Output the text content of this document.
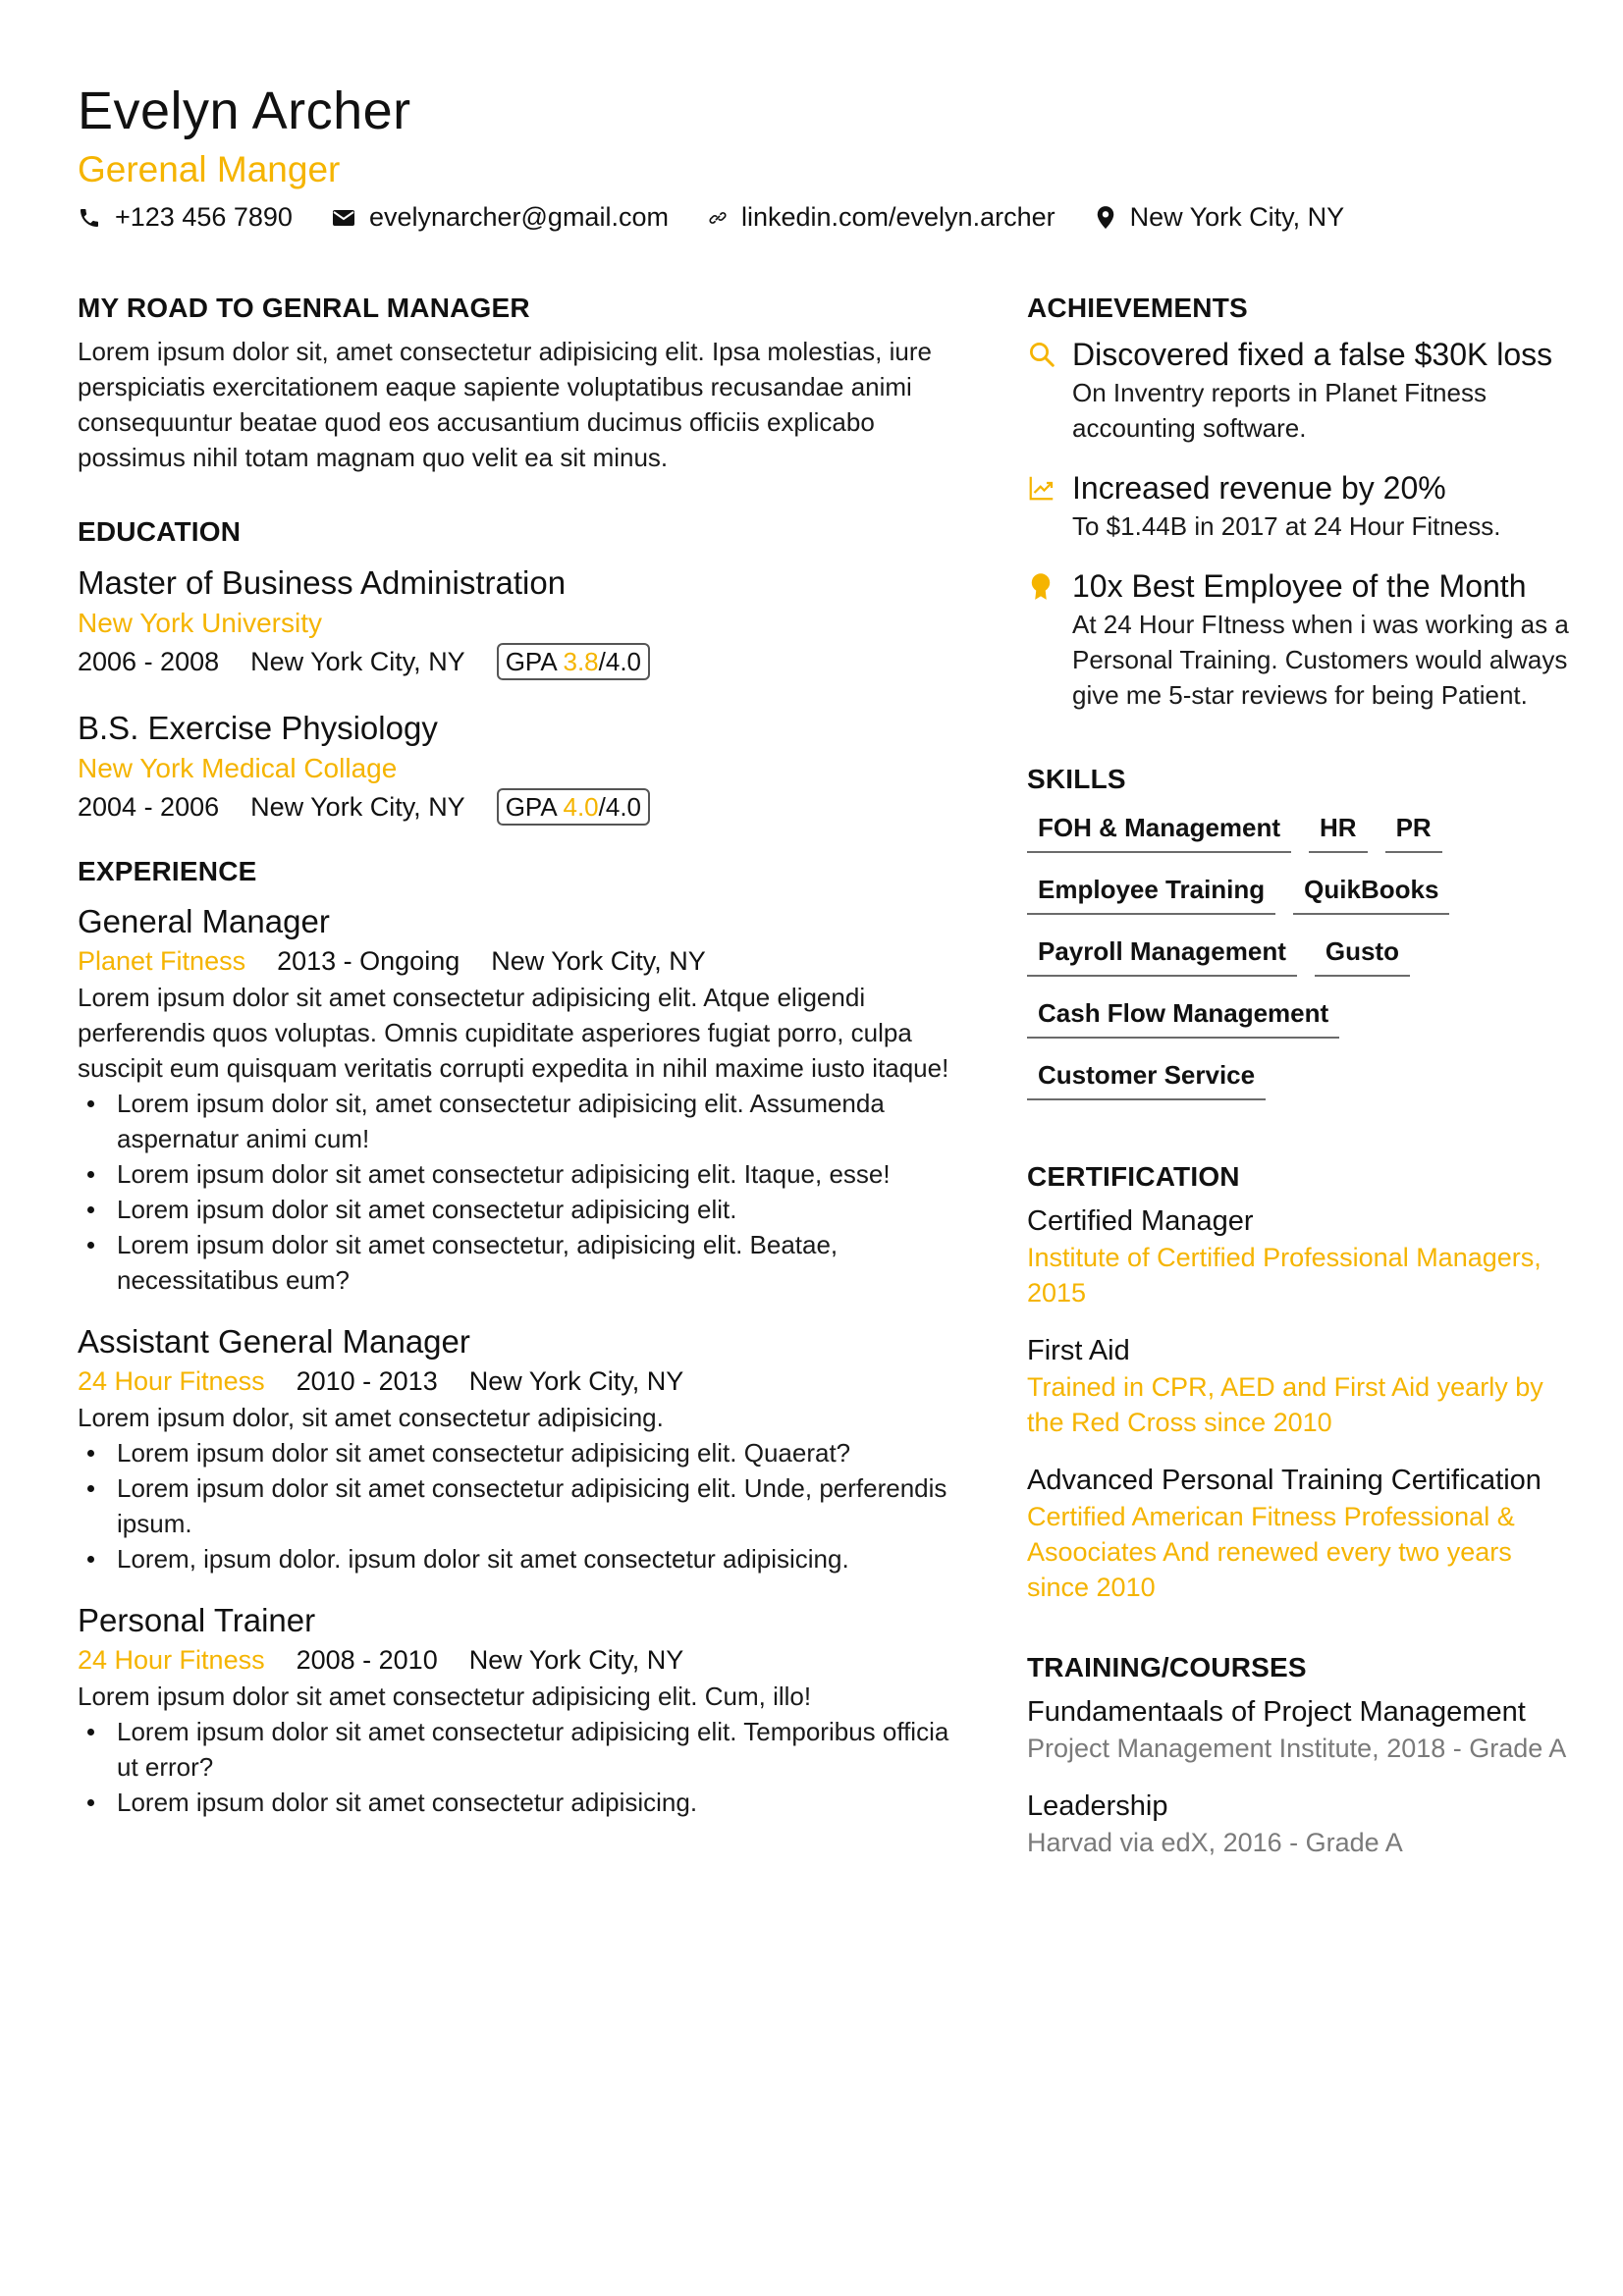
Evelyn Archer
Gerenal Manger
+123 456 7890	evelynarcher@gmail.com	linkedin.com/evelyn.archer	New York City, NY
MY ROAD TO GENRAL MANAGER
Lorem ipsum dolor sit, amet consectetur adipisicing elit. Ipsa molestias, iure perspiciatis exercitationem eaque sapiente voluptatibus recusandae animi consequuntur beatae quod eos accusantium ducimus officiis explicabo possimus nihil totam magnam quo velit ea sit minus.
EDUCATION
Master of Business Administration
New York University
2006 - 2008 New York City, NY	GPA 3.8/4.0
B.S. Exercise Physiology
New York Medical Collage
2004 - 2006 New York City, NY	GPA 4.0/4.0
EXPERIENCE
General Manager
Planet Fitness 2013 - Ongoing New York City, NY
Lorem ipsum dolor sit amet consectetur adipisicing elit. Atque eligendi perferendis quos voluptas. Omnis cupiditate asperiores fugiat porro, culpa suscipit eum quisquam veritatis corrupti expedita in nihil maxime iusto itaque!
Lorem ipsum dolor sit, amet consectetur adipisicing elit. Assumenda aspernatur animi cum!
Lorem ipsum dolor sit amet consectetur adipisicing elit. Itaque, esse!
Lorem ipsum dolor sit amet consectetur adipisicing elit.
Lorem ipsum dolor sit amet consectetur, adipisicing elit. Beatae, necessitatibus eum?
Assistant General Manager
24 Hour Fitness 2010 - 2013 New York City, NY
Lorem ipsum dolor, sit amet consectetur adipisicing.
Lorem ipsum dolor sit amet consectetur adipisicing elit. Quaerat?
Lorem ipsum dolor sit amet consectetur adipisicing elit. Unde, perferendis ipsum.
Lorem, ipsum dolor. ipsum dolor sit amet consectetur adipisicing.
Personal Trainer
24 Hour Fitness 2008 - 2010 New York City, NY
Lorem ipsum dolor sit amet consectetur adipisicing elit. Cum, illo!
Lorem ipsum dolor sit amet consectetur adipisicing elit. Temporibus officia ut error?
Lorem ipsum dolor sit amet consectetur adipisicing.
ACHIEVEMENTS
Discovered fixed a false $30K loss
On Inventry reports in Planet Fitness accounting software.
Increased revenue by 20%
To $1.44B in 2017 at 24 Hour Fitness.
10x Best Employee of the Month
At 24 Hour FItness when i was working as a Personal Training. Customers would always give me 5-star reviews for being Patient.
SKILLS
FOH & Management	HR	PR
Employee Training	QuikBooks
Payroll Management	Gusto
Cash Flow Management
Customer Service
CERTIFICATION
Certified Manager
Institute of Certified Professional Managers, 2015
First Aid
Trained in CPR, AED and First Aid yearly by the Red Cross since 2010
Advanced Personal Training Certification
Certified American Fitness Professional & Asoociates And renewed every two years since 2010
TRAINING/COURSES
Fundamentaals of Project Management
Project Management Institute, 2018 - Grade A
Leadership
Harvad via edX, 2016 - Grade A
